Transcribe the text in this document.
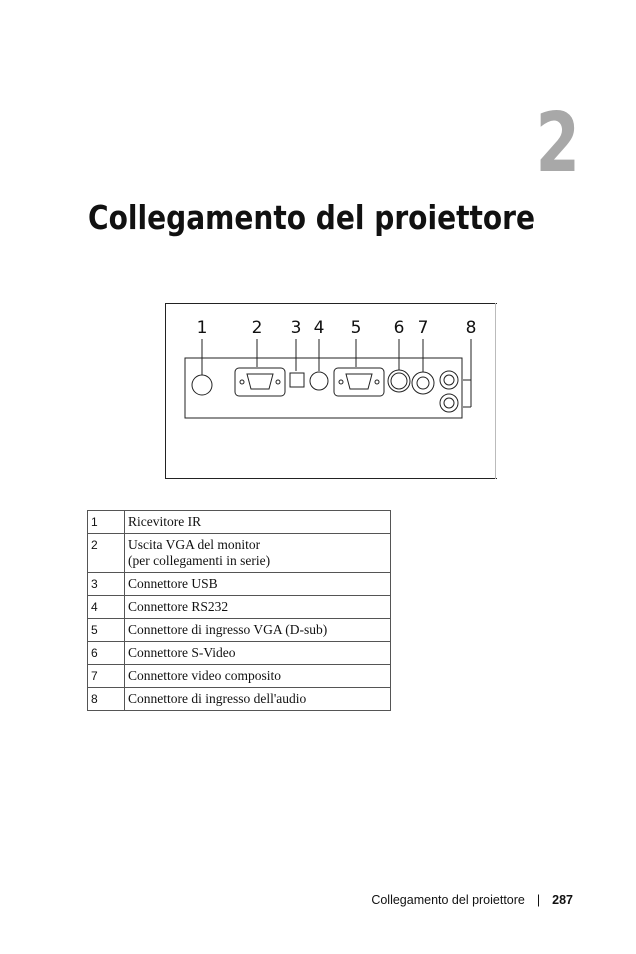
2
Collegamento del proiettore
1	2 3 4 5 6 7 8
1	Ricevitore IR
2	Uscita VGA del monitor
(per collegamenti in serie)

3	Connettore USB
4	Connettore RS232
5	Connettore di ingresso VGA (D-sub)
6	Connettore S-Video
7	Connettore video composito
8	Connettore di ingresso dell'audio
Collegamento del proiettore | 287
